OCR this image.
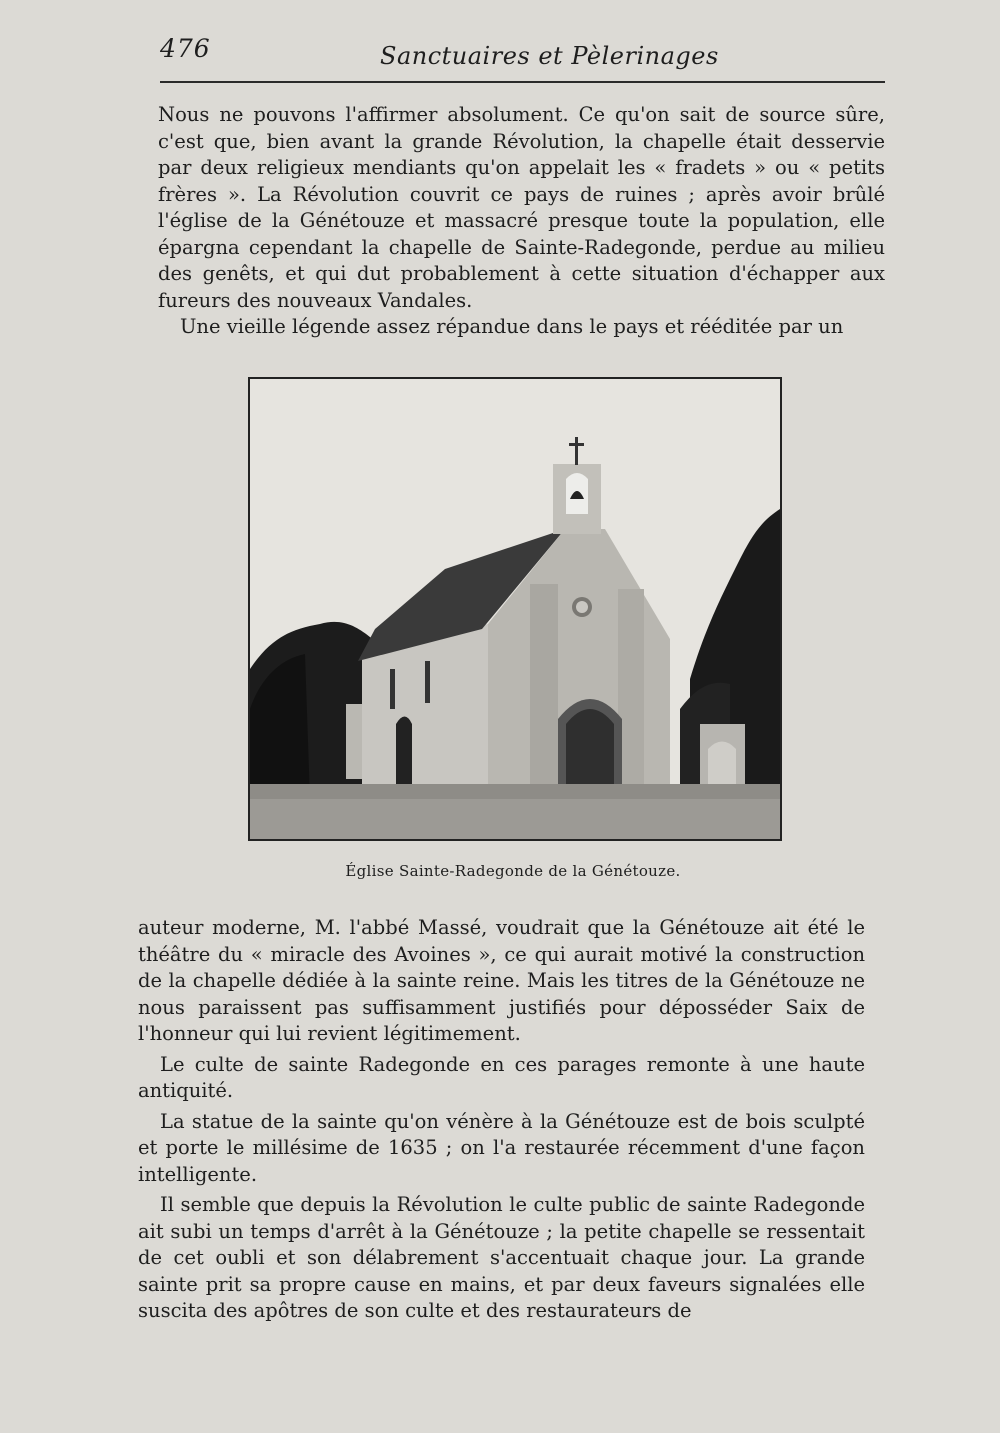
476	Sanctuaires et Pèlerinages

Nous ne pouvons l'affirmer absolument. Ce qu'on sait de source sûre, c'est que, bien avant la grande Révolution, la chapelle était desservie par deux religieux mendiants qu'on appelait les « fradets » ou « petits frères ». La Révolution couvrit ce pays de ruines ; après avoir brûlé l'église de la Génétouze et massacré presque toute la population, elle épargna cependant la chapelle de Sainte-Radegonde, perdue au milieu des genêts, et qui dut probablement à cette situation d'échapper aux fureurs des nouveaux Vandales.

Une vieille légende assez répandue dans le pays et rééditée par un

Église Sainte-Radegonde de la Génétouze.

auteur moderne, M. l'abbé Massé, voudrait que la Génétouze ait été le théâtre du « miracle des Avoines », ce qui aurait motivé la construction de la chapelle dédiée à la sainte reine. Mais les titres de la Génétouze ne nous paraissent pas suffisamment justifiés pour déposséder Saix de l'honneur qui lui revient légitimement.

Le culte de sainte Radegonde en ces parages remonte à une haute antiquité.

La statue de la sainte qu'on vénère à la Génétouze est de bois sculpté et porte le millésime de 1635 ; on l'a restaurée récemment d'une façon intelligente.

Il semble que depuis la Révolution le culte public de sainte Radegonde ait subi un temps d'arrêt à la Génétouze ; la petite chapelle se ressentait de cet oubli et son délabrement s'accentuait chaque jour. La grande sainte prit sa propre cause en mains, et par deux faveurs signalées elle suscita des apôtres de son culte et des restaurateurs de
